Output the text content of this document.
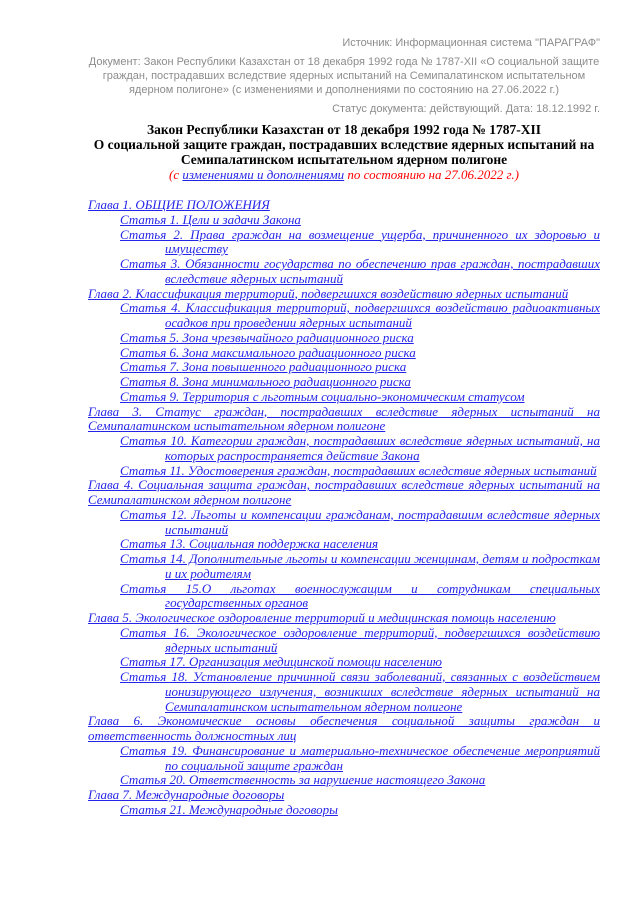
Источник: Информационная система "ПАРАГРАФ"
Документ: Закон Республики Казахстан от 18 декабря 1992 года № 1787-XII «О социальной защите граждан, пострадавших вследствие ядерных испытаний на Семипалатинском испытательном ядерном полигоне» (с изменениями и дополнениями по состоянию на 27.06.2022 г.)
Статус документа: действующий. Дата: 18.12.1992 г.
Закон Республики Казахстан от 18 декабря 1992 года № 1787-XII
О социальной защите граждан, пострадавших вследствие ядерных испытаний на Семипалатинском испытательном ядерном полигоне
(с изменениями и дополнениями по состоянию на 27.06.2022 г.)

Глава 1. ОБЩИЕ ПОЛОЖЕНИЯ

Статья 1. Цели и задачи Закона

Статья 2. Права граждан на возмещение ущерба, причиненного их здоровью и имуществу

Статья 3. Обязанности государства по обеспечению прав граждан, пострадавших вследствие ядерных испытаний

Глава 2. Классификация территорий, подвергшихся воздействию ядерных испытаний

Статья 4. Классификация территорий, подвергшихся воздействию радиоактивных осадков при проведении ядерных испытаний

Статья 5. Зона чрезвычайного радиационного риска

Статья 6. Зона максимального радиационного риска

Статья 7. Зона повышенного радиационного риска

Статья 8. Зона минимального радиационного риска

Статья 9. Территория с льготным социально-экономическим статусом

Глава 3. Статус граждан, пострадавших вследствие ядерных испытаний на Семипалатинском испытательном ядерном полигоне

Статья 10. Категории граждан, пострадавших вследствие ядерных испытаний, на которых распространяется действие Закона

Статья 11. Удостоверения граждан, пострадавших вследствие ядерных испытаний

Глава 4. Социальная защита граждан, пострадавших вследствие ядерных испытаний на Семипалатинском ядерном полигоне

Статья 12. Льготы и компенсации гражданам, пострадавшим вследствие ядерных испытаний

Статья 13. Социальная поддержка населения

Статья 14. Дополнительные льготы и компенсации женщинам, детям и подросткам и их родителям

Статья 15.О льготах военнослужащим и сотрудникам специальных государственных органов

Глава 5. Экологическое оздоровление территорий и медицинская помощь населению

Статья 16. Экологическое оздоровление территорий, подвергшихся воздействию ядерных испытаний

Статья 17. Организация медицинской помощи населению

Статья 18. Установление причинной связи заболеваний, связанных с воздействием ионизирующего излучения, возникших вследствие ядерных испытаний на Семипалатинском испытательном ядерном полигоне

Глава 6. Экономические основы обеспечения социальной защиты граждан и ответственность должностных лиц

Статья 19. Финансирование и материально-техническое обеспечение мероприятий по социальной защите граждан

Статья 20. Ответственность за нарушение настоящего Закона

Глава 7. Международные договоры

Статья 21. Международные договоры
